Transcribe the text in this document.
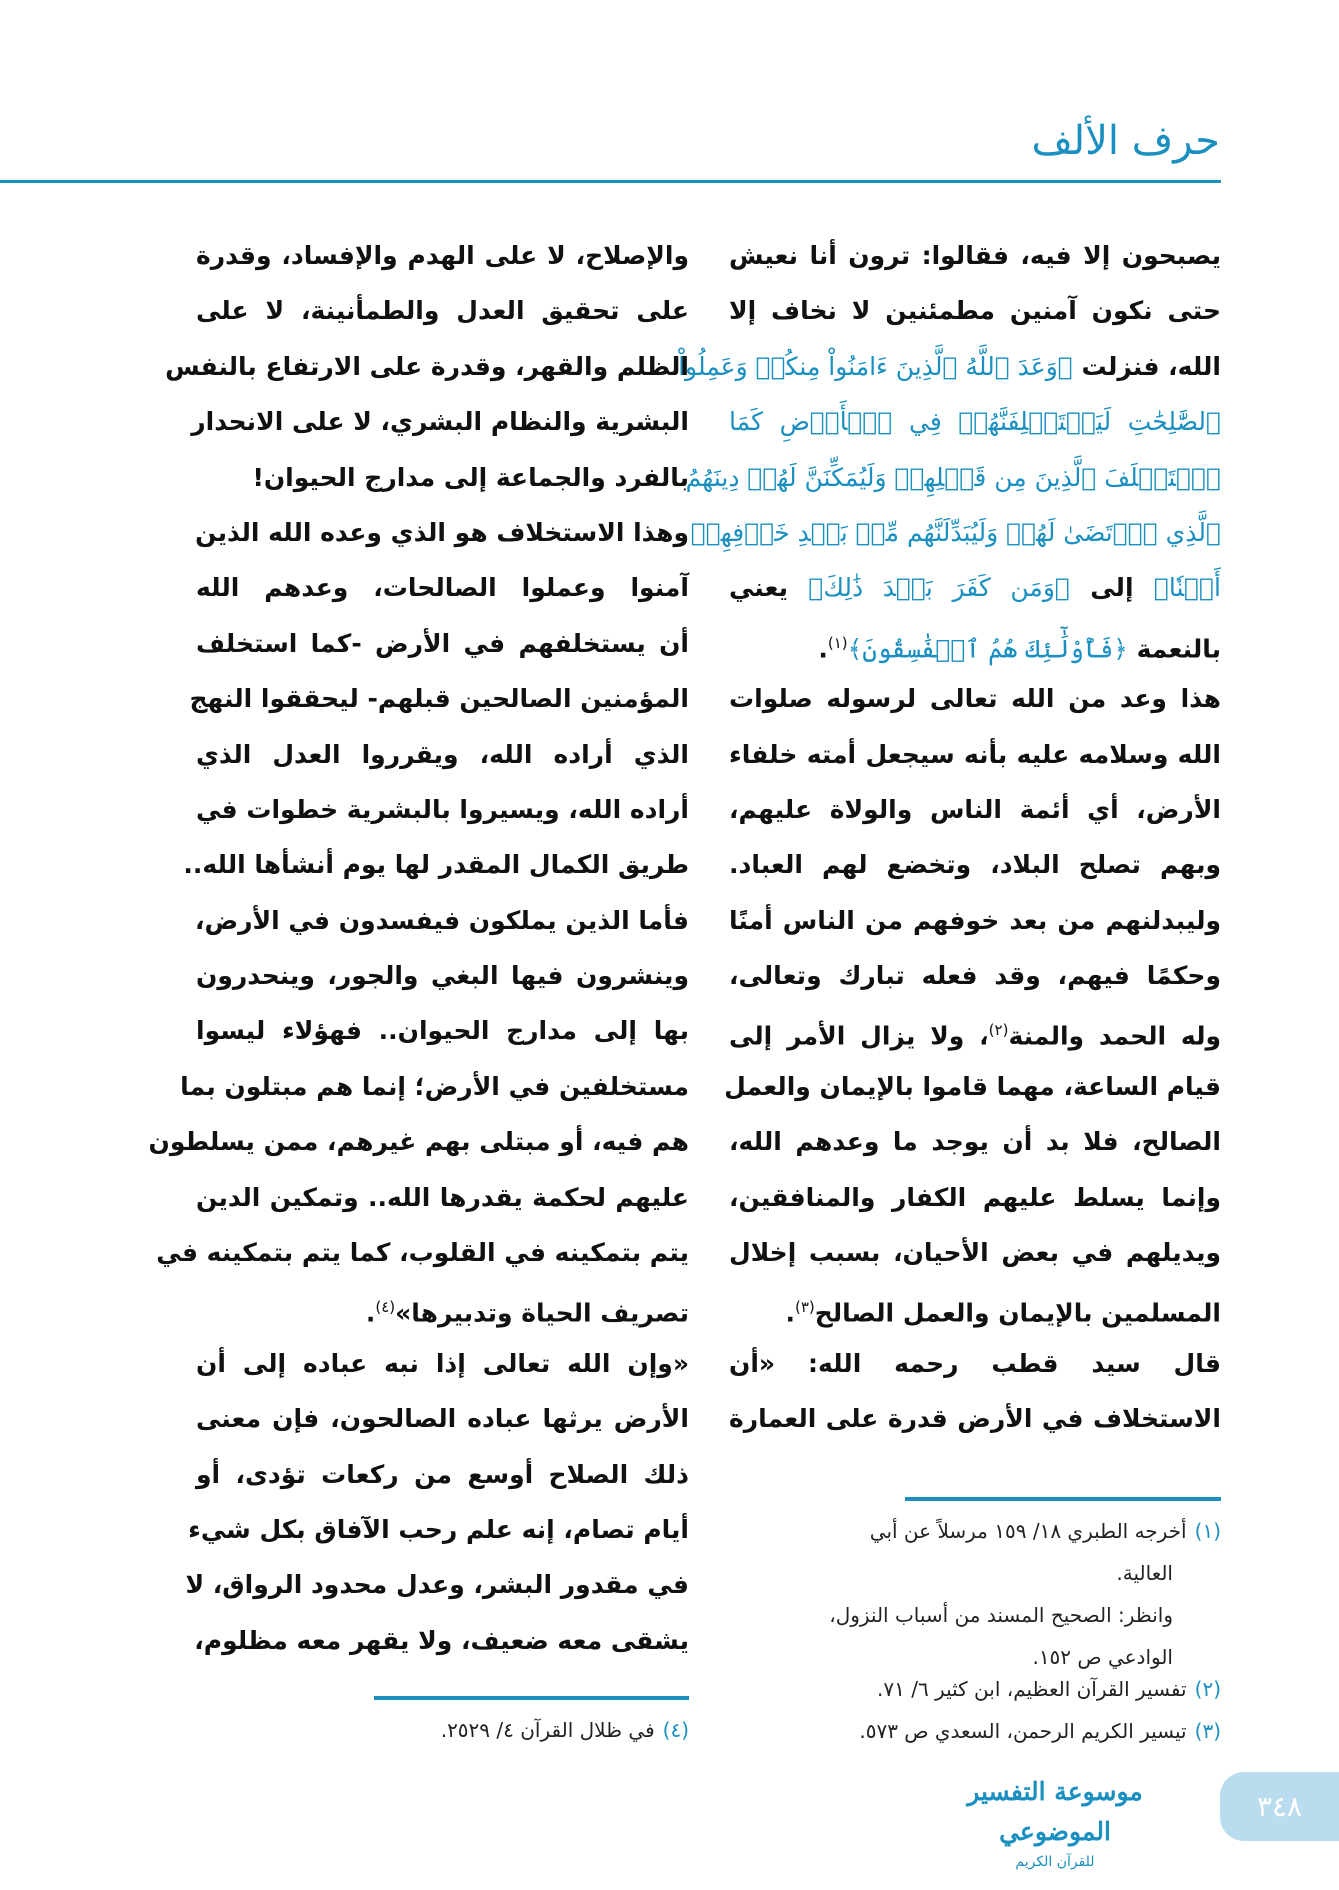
حرف الألف
يصبحون إلا فيه، فقالوا: ترون أنا نعيش
حتى نكون آمنين مطمئنين لا نخاف إلا
الله، فنزلت ﴿وَعَدَ ٱللَّهُ ٱلَّذِينَ ءَامَنُواْ مِنكُمۡ وَعَمِلُواْ
ٱلصَّٰلِحَٰتِ لَيَسۡتَخۡلِفَنَّهُمۡ فِي ٱلۡأَرۡضِ كَمَا
ٱسۡتَخۡلَفَ ٱلَّذِينَ مِن قَبۡلِهِمۡ وَلَيُمَكِّنَنَّ لَهُمۡ دِينَهُمُ
ٱلَّذِي ٱرۡتَضَىٰ لَهُمۡ وَلَيُبَدِّلَنَّهُم مِّنۢ بَعۡدِ خَوۡفِهِمۡ
أَمۡنٗا﴾ إلى ﴿وَمَن كَفَرَ بَعۡدَ ذَٰلِكَ﴾ يعني
بالنعمة ﴿فَأُوْلَٰٓئِكَ هُمُ ٱلۡفَٰسِقُونَ﴾$^{(١)}$.
هذا وعد من الله تعالى لرسوله صلوات
الله وسلامه عليه بأنه سيجعل أمته خلفاء
الأرض، أي أئمة الناس والولاة عليهم،
وبهم تصلح البلاد، وتخضع لهم العباد.
وليبدلنهم من بعد خوفهم من الناس أمنًا
وحكمًا فيهم، وقد فعله تبارك وتعالى،
وله الحمد والمنة$^{(٢)}$، ولا يزال الأمر إلى
قيام الساعة، مهما قاموا بالإيمان والعمل
الصالح، فلا بد أن يوجد ما وعدهم الله،
وإنما يسلط عليهم الكفار والمنافقين،
ويديلهم في بعض الأحيان، بسبب إخلال
المسلمين بالإيمان والعمل الصالح$^{(٣)}$.
قال سيد قطب رحمه الله: «أن
الاستخلاف في الأرض قدرة على العمارة
والإصلاح، لا على الهدم والإفساد، وقدرة
على تحقيق العدل والطمأنينة، لا على
الظلم والقهر، وقدرة على الارتفاع بالنفس
البشرية والنظام البشري، لا على الانحدار
بالفرد والجماعة إلى مدارج الحيوان!
وهذا الاستخلاف هو الذي وعده الله الذين
آمنوا وعملوا الصالحات، وعدهم الله
أن يستخلفهم في الأرض -كما استخلف
المؤمنين الصالحين قبلهم- ليحققوا النهج
الذي أراده الله، ويقرروا العدل الذي
أراده الله، ويسيروا بالبشرية خطوات في
طريق الكمال المقدر لها يوم أنشأها الله..
فأما الذين يملكون فيفسدون في الأرض،
وينشرون فيها البغي والجور، وينحدرون
بها إلى مدارج الحيوان.. فهؤلاء ليسوا
مستخلفين في الأرض؛ إنما هم مبتلون بما
هم فيه، أو مبتلى بهم غيرهم، ممن يسلطون
عليهم لحكمة يقدرها الله.. وتمكين الدين
يتم بتمكينه في القلوب، كما يتم بتمكينه في
تصريف الحياة وتدبيرها»$^{(٤)}$.
«وإن الله تعالى إذا نبه عباده إلى أن
الأرض يرثها عباده الصالحون، فإن معنى
ذلك الصلاح أوسع من ركعات تؤدى، أو
أيام تصام، إنه علم رحب الآفاق بكل شيء
في مقدور البشر، وعدل محدود الرواق، لا
يشقى معه ضعيف، ولا يقهر معه مظلوم،
(١)أخرجه الطبري ١٨/ ١٥٩ مرسلاً عن أبي
العالية.
وانظر: الصحيح المسند من أسباب النزول،
الوادعي ص ١٥٢.
(٢)تفسير القرآن العظيم، ابن كثير ٦/ ٧١.
(٣)تيسير الكريم الرحمن، السعدي ص ٥٧٣.
(٤)في ظلال القرآن ٤/ ٢٥٢٩.
موسوعة التفسير الموضوعي
للقرآن الكريم
٣٤٨
